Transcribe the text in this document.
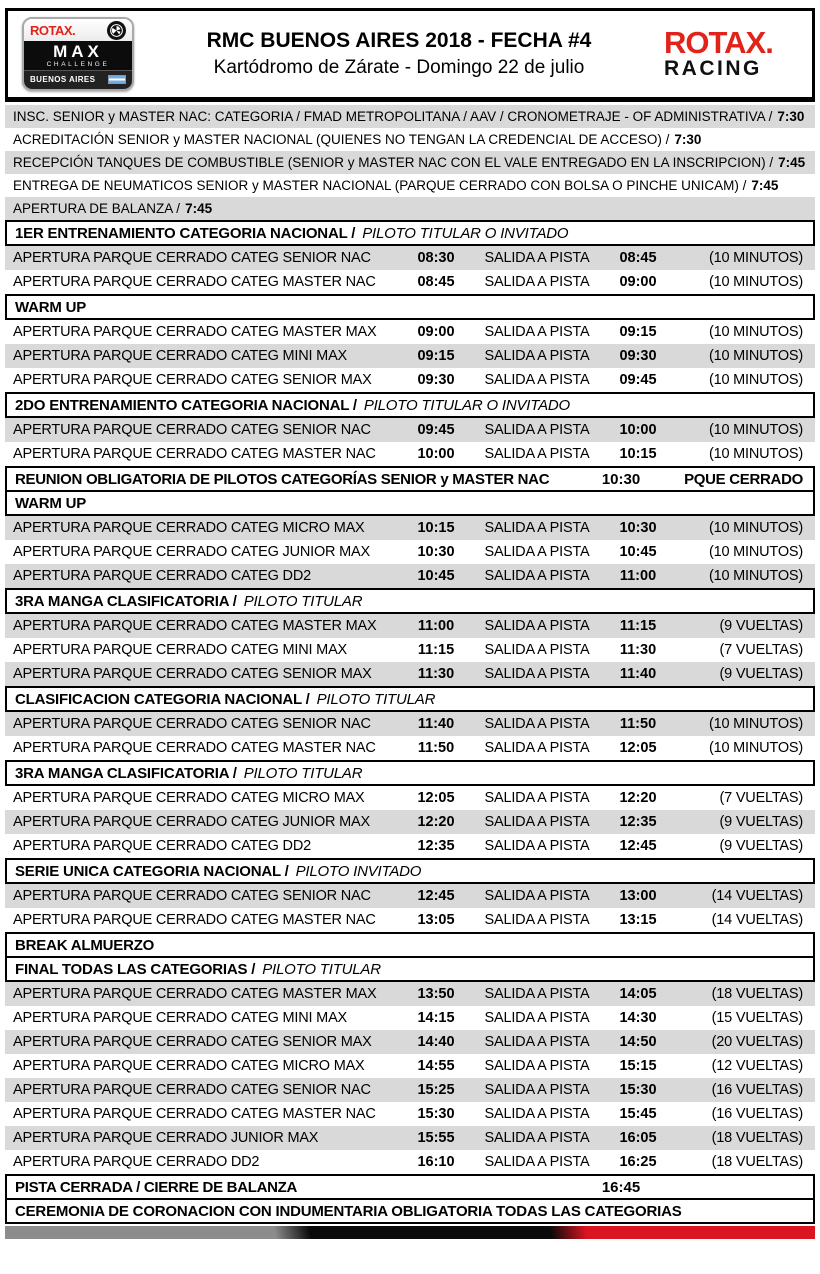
ROTAX.
MAX
CHALLENGE
BUENOS AIRES
RMC BUENOS AIRES 2018 - FECHA #4
Kartódromo de Zárate - Domingo 22 de julio
ROTAX.
RACING
INSC. SENIOR y MASTER NAC: CATEGORIA / FMAD METROPOLITANA / AAV / CRONOMETRAJE - OF ADMINISTRATIVA / 7:30
ACREDITACIÓN SENIOR y MASTER NACIONAL (QUIENES NO TENGAN LA CREDENCIAL DE ACCESO) / 7:30
RECEPCIÓN TANQUES DE COMBUSTIBLE (SENIOR y MASTER NAC CON EL VALE ENTREGADO EN LA INSCRIPCION) / 7:45
ENTREGA DE NEUMATICOS SENIOR y MASTER NACIONAL (PARQUE CERRADO CON BOLSA O PINCHE UNICAM) / 7:45
APERTURA DE BALANZA / 7:45
1ER ENTRENAMIENTO CATEGORIA NACIONAL / PILOTO TITULAR O INVITADO
APERTURA PARQUE CERRADO CATEG SENIOR NAC	08:30	SALIDA A PISTA	08:45	(10 MINUTOS)
APERTURA PARQUE CERRADO CATEG MASTER NAC	08:45	SALIDA A PISTA	09:00	(10 MINUTOS)
WARM UP
APERTURA PARQUE CERRADO CATEG MASTER MAX	09:00	SALIDA A PISTA	09:15	(10 MINUTOS)
APERTURA PARQUE CERRADO CATEG MINI MAX	09:15	SALIDA A PISTA	09:30	(10 MINUTOS)
APERTURA PARQUE CERRADO CATEG SENIOR MAX	09:30	SALIDA A PISTA	09:45	(10 MINUTOS)
2DO ENTRENAMIENTO CATEGORIA NACIONAL / PILOTO TITULAR O INVITADO
APERTURA PARQUE CERRADO CATEG SENIOR NAC	09:45	SALIDA A PISTA	10:00	(10 MINUTOS)
APERTURA PARQUE CERRADO CATEG MASTER NAC	10:00	SALIDA A PISTA	10:15	(10 MINUTOS)
REUNION OBLIGATORIA DE PILOTOS CATEGORÍAS SENIOR y MASTER NAC	10:30	PQUE CERRADO
WARM UP
APERTURA PARQUE CERRADO CATEG MICRO MAX	10:15	SALIDA A PISTA	10:30	(10 MINUTOS)
APERTURA PARQUE CERRADO CATEG JUNIOR MAX	10:30	SALIDA A PISTA	10:45	(10 MINUTOS)
APERTURA PARQUE CERRADO CATEG DD2	10:45	SALIDA A PISTA	11:00	(10 MINUTOS)
3RA MANGA CLASIFICATORIA / PILOTO TITULAR
APERTURA PARQUE CERRADO CATEG MASTER MAX	11:00	SALIDA A PISTA	11:15	(9 VUELTAS)
APERTURA PARQUE CERRADO CATEG MINI MAX	11:15	SALIDA A PISTA	11:30	(7 VUELTAS)
APERTURA PARQUE CERRADO CATEG SENIOR MAX	11:30	SALIDA A PISTA	11:40	(9 VUELTAS)
CLASIFICACION CATEGORIA NACIONAL / PILOTO TITULAR
APERTURA PARQUE CERRADO CATEG SENIOR NAC	11:40	SALIDA A PISTA	11:50	(10 MINUTOS)
APERTURA PARQUE CERRADO CATEG MASTER NAC	11:50	SALIDA A PISTA	12:05	(10 MINUTOS)
3RA MANGA CLASIFICATORIA / PILOTO TITULAR
APERTURA PARQUE CERRADO CATEG MICRO MAX	12:05	SALIDA A PISTA	12:20	(7 VUELTAS)
APERTURA PARQUE CERRADO CATEG JUNIOR MAX	12:20	SALIDA A PISTA	12:35	(9 VUELTAS)
APERTURA PARQUE CERRADO CATEG DD2	12:35	SALIDA A PISTA	12:45	(9 VUELTAS)
SERIE UNICA CATEGORIA NACIONAL / PILOTO INVITADO
APERTURA PARQUE CERRADO CATEG SENIOR NAC	12:45	SALIDA A PISTA	13:00	(14 VUELTAS)
APERTURA PARQUE CERRADO CATEG MASTER NAC	13:05	SALIDA A PISTA	13:15	(14 VUELTAS)
BREAK ALMUERZO
FINAL TODAS LAS CATEGORIAS / PILOTO TITULAR
APERTURA PARQUE CERRADO CATEG MASTER MAX	13:50	SALIDA A PISTA	14:05	(18 VUELTAS)
APERTURA PARQUE CERRADO CATEG MINI MAX	14:15	SALIDA A PISTA	14:30	(15 VUELTAS)
APERTURA PARQUE CERRADO CATEG SENIOR MAX	14:40	SALIDA A PISTA	14:50	(20 VUELTAS)
APERTURA PARQUE CERRADO CATEG MICRO MAX	14:55	SALIDA A PISTA	15:15	(12 VUELTAS)
APERTURA PARQUE CERRADO CATEG SENIOR NAC	15:25	SALIDA A PISTA	15:30	(16 VUELTAS)
APERTURA PARQUE CERRADO CATEG MASTER NAC	15:30	SALIDA A PISTA	15:45	(16 VUELTAS)
APERTURA PARQUE CERRADO JUNIOR MAX	15:55	SALIDA A PISTA	16:05	(18 VUELTAS)
APERTURA PARQUE CERRADO DD2	16:10	SALIDA A PISTA	16:25	(18 VUELTAS)
PISTA CERRADA / CIERRE DE BALANZA	16:45
CEREMONIA DE CORONACION CON INDUMENTARIA OBLIGATORIA TODAS LAS CATEGORIAS
